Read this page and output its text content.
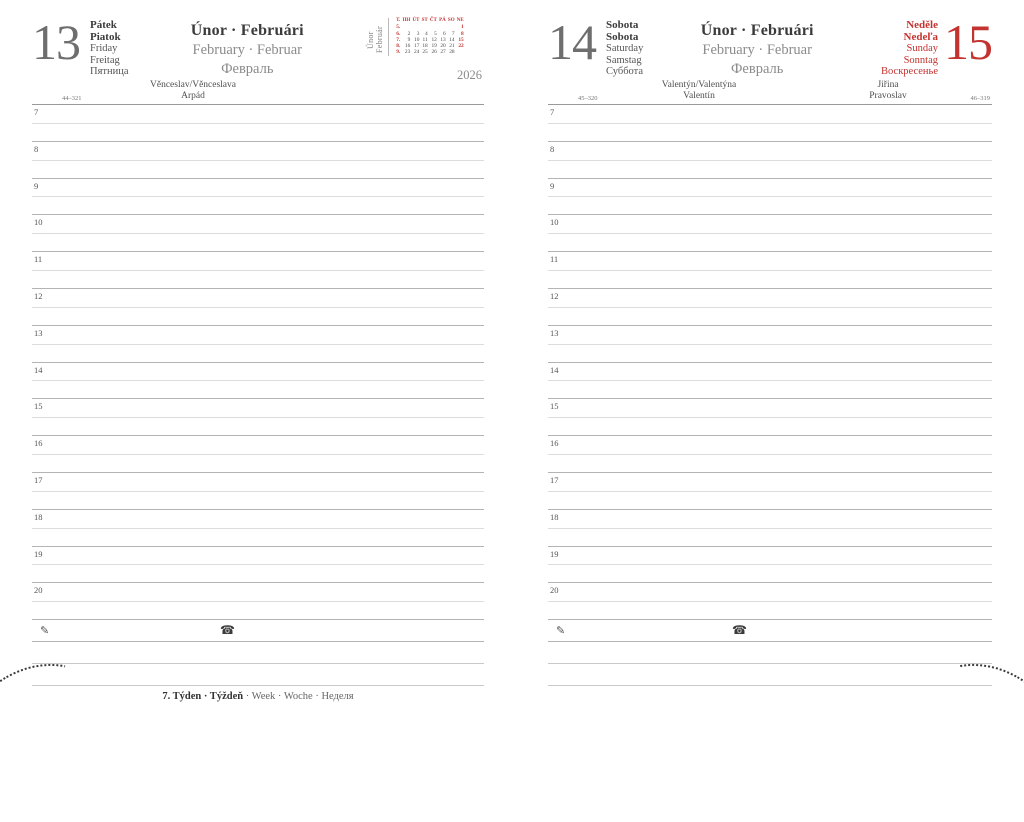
13 Pátek
Piatok
Friday
Freitag
Пятница
Únor · Februári
February · Februar
Февраль
Únor
Február
T.	ПН	ÚT	ST	ČT	PÁ	SO	NE
5.							1
6.	2	3	4	5	6	7	8
7.	9	10	11	12	13	14	15
8.	16	17	18	19	20	21	22
9.	23	24	25	26	27	28	
2026
Věnceslav/Věnceslava
Arpád
44–321
7
8
9
10
11
12
13
14
15
16
17
18
19
20
✎	☎
7. Týden · Týždeň · Week · Woche · Неделя
14 Sobota
Sobota
Saturday
Samstag
Суббота
Únor · Februári
February · Februar
Февраль
Neděle
Nedeľa
Sunday
Sonntag
Воскресенье
15
Valentýn/Valentýna
Valentín
Jiřina
Pravoslav
45–320	46–319
7
8
9
10
11
12
13
14
15
16
17
18
19
20
✎	☎
